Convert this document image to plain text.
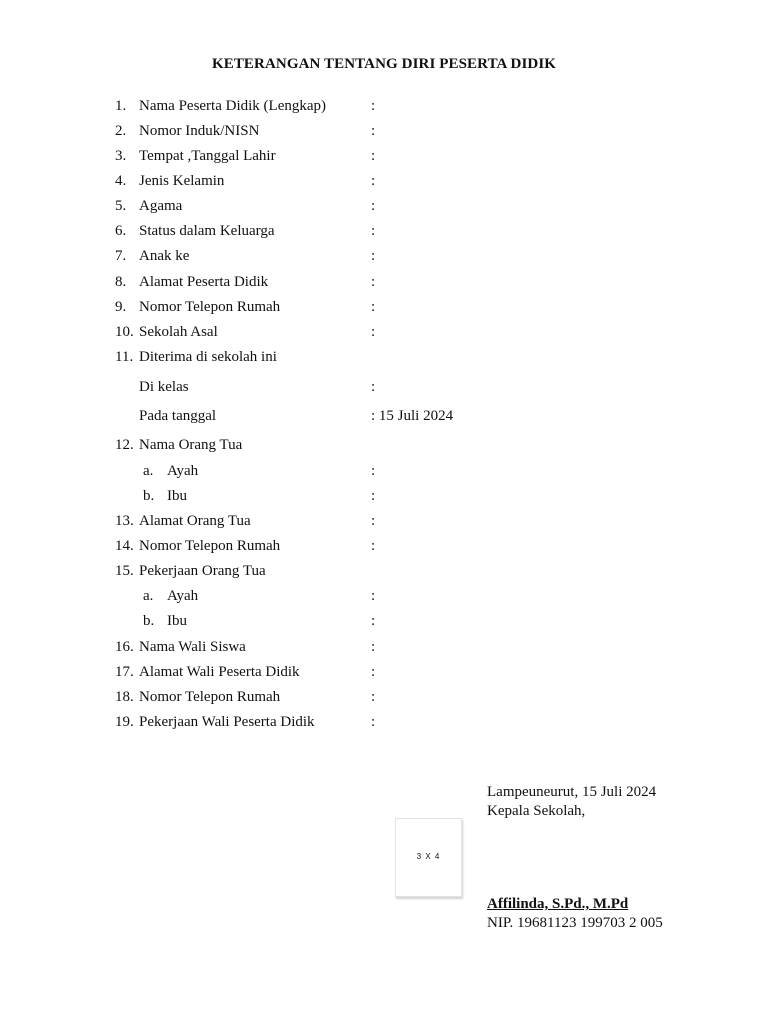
KETERANGAN TENTANG DIRI PESERTA DIDIK
1. Nama Peserta Didik (Lengkap)	:
2. Nomor Induk/NISN	:
3. Tempat ,Tanggal Lahir	:
4. Jenis Kelamin	:
5. Agama	:
6. Status dalam Keluarga	:
7. Anak ke	:
8. Alamat Peserta Didik	:
9. Nomor Telepon Rumah	:
10. Sekolah Asal	:
11. Diterima di sekolah ini
Di kelas	:
Pada tanggal	: 15 Juli 2024
12. Nama Orang Tua
a. Ayah	:
b. Ibu	:
13. Alamat Orang Tua	:
14. Nomor Telepon Rumah	:
15. Pekerjaan Orang Tua
a. Ayah	:
b. Ibu	:
16. Nama Wali Siswa	:
17. Alamat Wali Peserta Didik	:
18. Nomor Telepon Rumah	:
19. Pekerjaan Wali Peserta Didik	:
3 X 4
Lampeuneurut, 15 Juli 2024
Kepala Sekolah,
Affilinda, S.Pd., M.Pd
NIP. 19681123 199703 2 005
